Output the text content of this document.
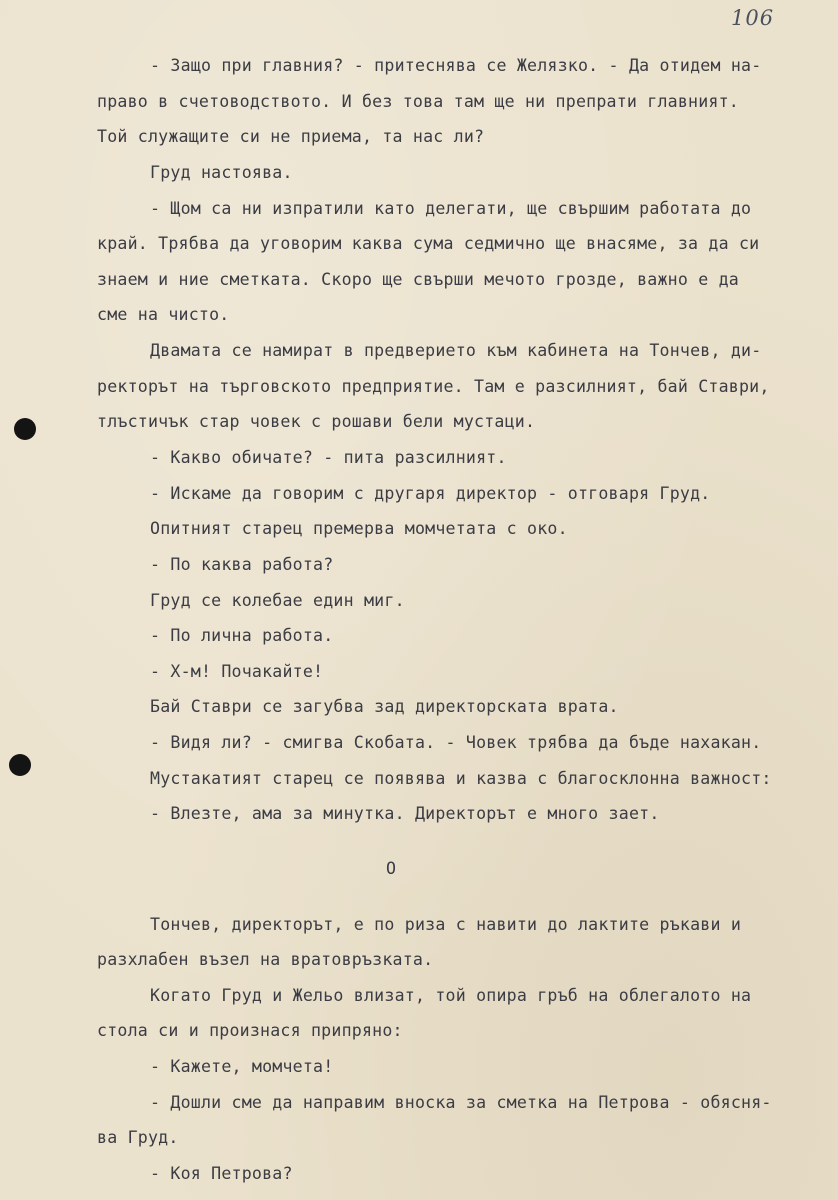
106
- Защо при главния? - притеснява се Желязко. - Да отидем на-
право в счетоводството. И без това там ще ни препрати главният.
Той служащите си не приема, та нас ли?
Груд настоява.
- Щом са ни изпратили като делегати, ще свършим работата до
край. Трябва да уговорим каква сума седмично ще внасяме, за да си
знаем и ние сметката. Скоро ще свърши мечото грозде, важно е да
сме на чисто.
Двамата се намират в предверието към кабинета на Тончев, ди-
ректорът на търговското предприятие. Там е разсилният, бай Ставри,
тлъстичък стар човек с рошави бели мустаци.
- Какво обичате? - пита разсилният.
- Искаме да говорим с другаря директор - отговаря Груд.
Опитният старец премерва момчетата с око.
- По каква работа?
Груд се колебае един миг.
- По лична работа.
- Х-м! Почакайте!
Бай Ставри се загубва зад директорската врата.
- Видя ли? - смигва Скобата. - Човек трябва да бъде нахакан.
Мустакатият старец се появява и казва с благосклонна важност:
- Влезте, ама за минутка. Директорът е много зает.
О
Тончев, директорът, е по риза с навити до лактите ръкави и
разхлабен възел на вратовръзката.
Когато Груд и Жельо влизат, той опира гръб на облегалото на
стола си и произнася припряно:
- Кажете, момчета!
- Дошли сме да направим вноска за сметка на Петрова - обясня-
ва Груд.
- Коя Петрова?
